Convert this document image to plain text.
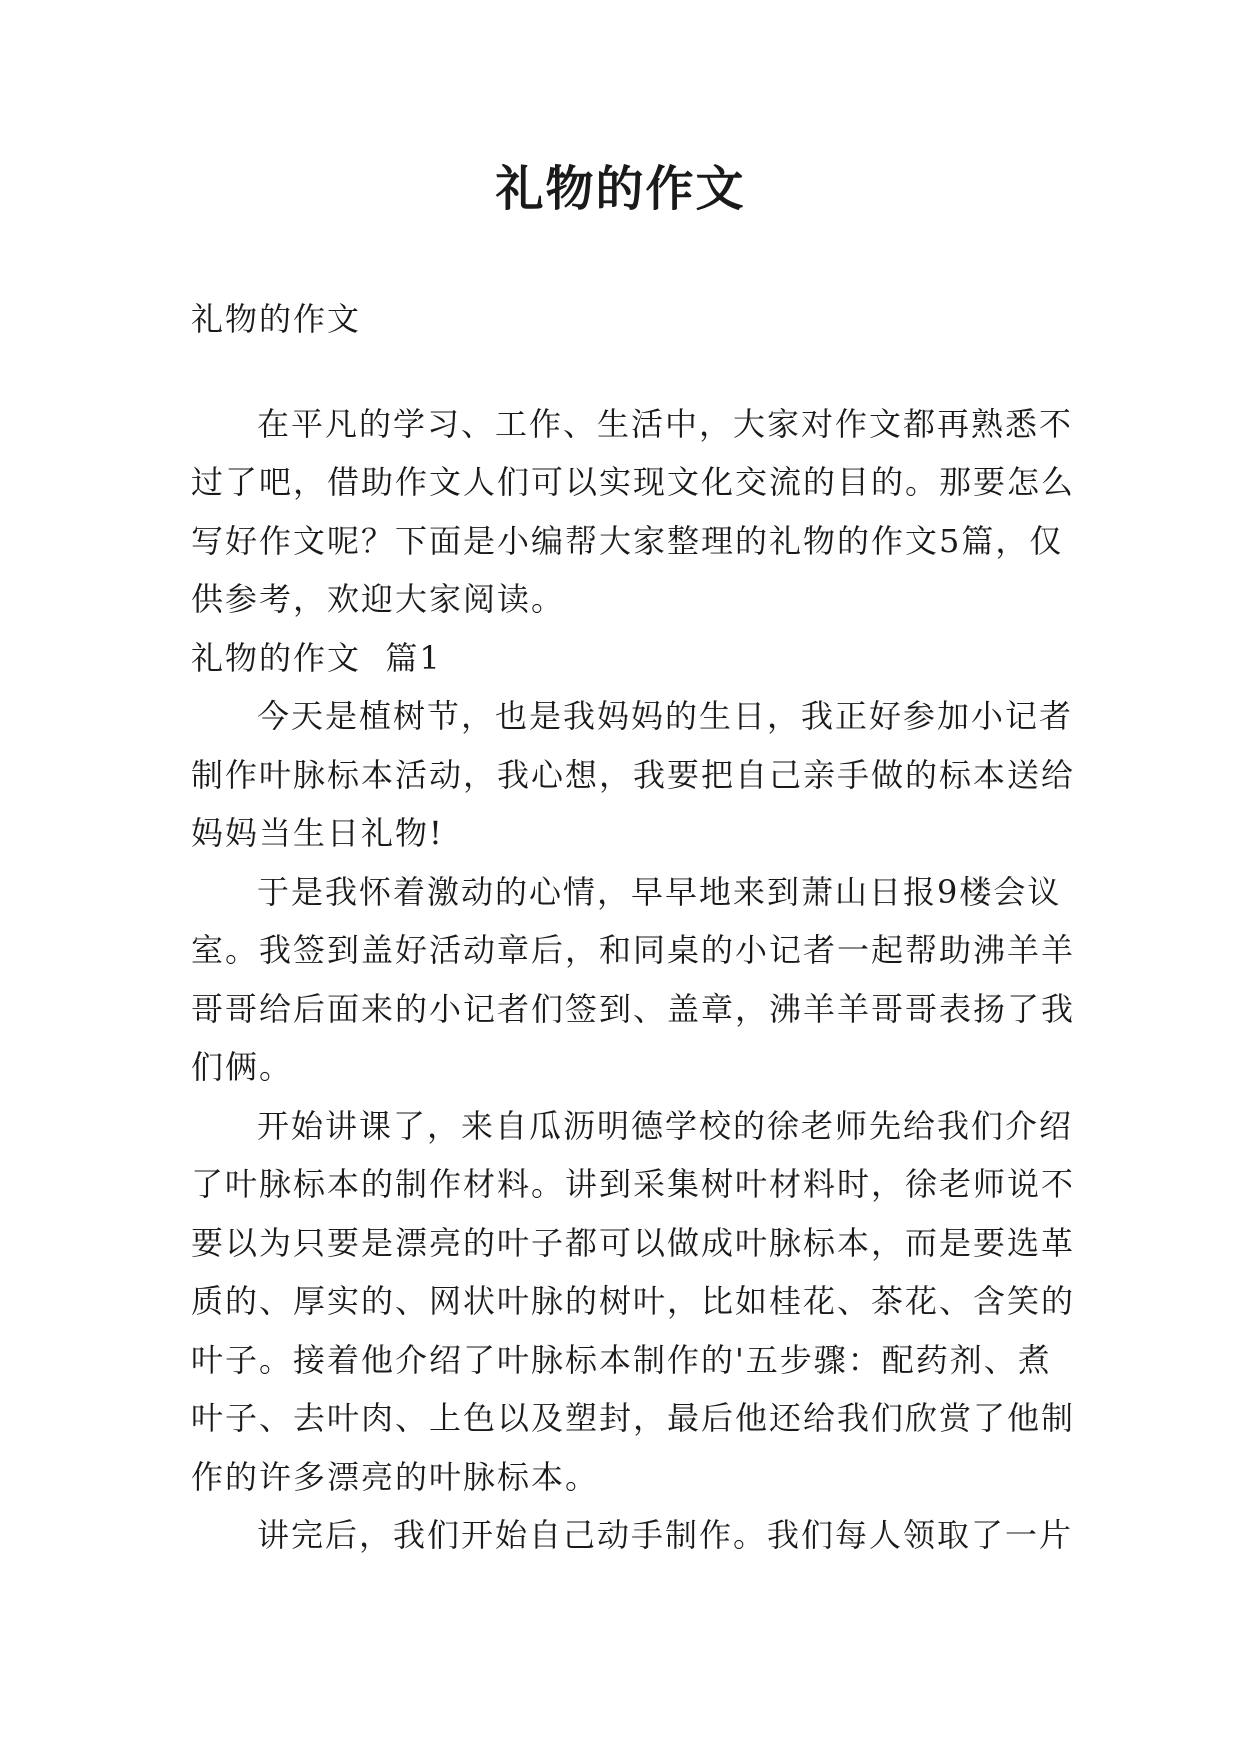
礼物的作文

礼物的作文

在平凡的学习、工作、生活中，大家对作文都再熟悉不

过了吧，借助作文人们可以实现文化交流的目的。那要怎么

写好作文呢？下面是小编帮大家整理的礼物的作文5篇，仅

供参考，欢迎大家阅读。

礼物的作文  篇1

今天是植树节，也是我妈妈的生日，我正好参加小记者

制作叶脉标本活动，我心想，我要把自己亲手做的标本送给

妈妈当生日礼物!

于是我怀着激动的心情，早早地来到萧山日报9楼会议

室。我签到盖好活动章后，和同桌的小记者一起帮助沸羊羊

哥哥给后面来的小记者们签到、盖章，沸羊羊哥哥表扬了我

们俩。

开始讲课了，来自瓜沥明德学校的徐老师先给我们介绍

了叶脉标本的制作材料。讲到采集树叶材料时，徐老师说不

要以为只要是漂亮的叶子都可以做成叶脉标本，而是要选革

质的、厚实的、网状叶脉的树叶，比如桂花、茶花、含笑的

叶子。接着他介绍了叶脉标本制作的'五步骤：配药剂、煮

叶子、去叶肉、上色以及塑封，最后他还给我们欣赏了他制

作的许多漂亮的叶脉标本。

讲完后，我们开始自己动手制作。我们每人领取了一片
